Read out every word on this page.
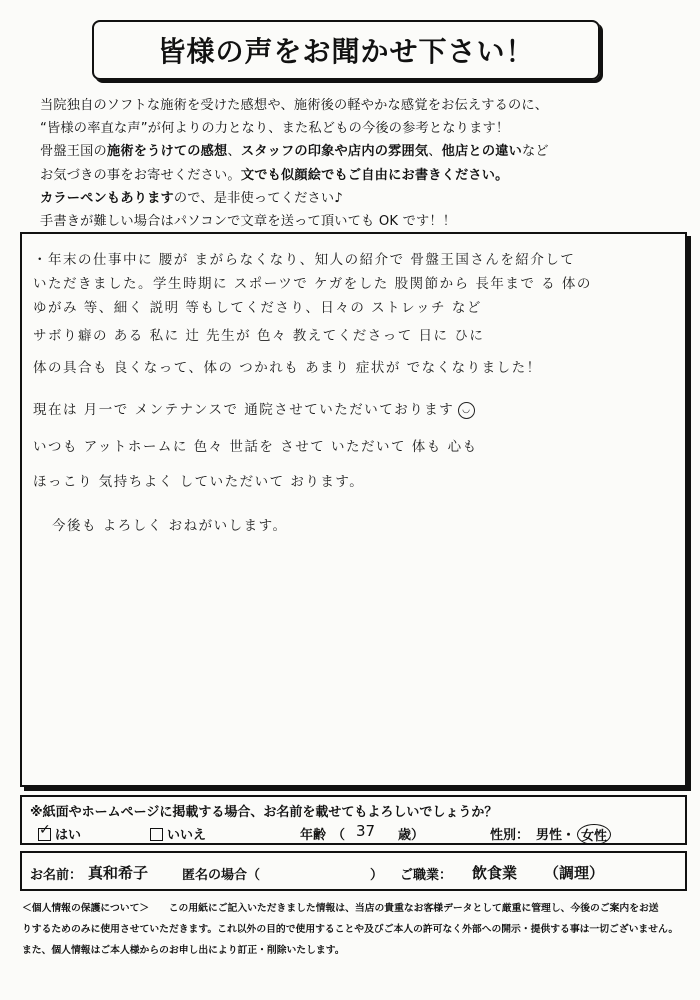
皆様の声をお聞かせ下さい！
当院独自のソフトな施術を受けた感想や、施術後の軽やかな感覚をお伝えするのに、
“皆様の率直な声”が何よりの力となり、また私どもの今後の参考となります！
骨盤王国の施術をうけての感想、スタッフの印象や店内の雰囲気、他店との違いなど
お気づきの事をお寄せください。文でも似顔絵でもご自由にお書きください。
カラーペンもありますので、是非使ってください♪
手書きが難しい場合はパソコンで文章を送って頂いても OK です！！
・年末の仕事中に 腰が まがらなくなり、知人の紹介で 骨盤王国さんを紹介して
いただきました。学生時期に スポーツで ケガをした 股関節から 長年まで る 体の
ゆがみ 等、細く 説明 等もしてくださり、日々の ストレッチ など
サボり癖の ある 私に 辻 先生が 色々 教えてくださって 日に ひに
体の具合も 良くなって、体の つかれも あまり 症状が でなくなりました！
現在は 月一で メンテナンスで 通院させていただいております ◡
いつも アットホームに 色々 世話を させて いただいて 体も 心も
ほっこり 気持ちよく していただいて おります。
今後も よろしく おねがいします。
※紙面やホームページに掲載する場合、お名前を載せてもよろしいでしょうか？
✓はい	いいえ	年齢 （ 37 歳）	性別： 男性・ 女性
お名前： 真和希子	匿名の場合（	） ご職業： 飲食業 （調理）
＜個人情報の保護について＞　　この用紙にご記入いただきました情報は、当店の貴重なお客様データとして厳重に管理し、今後のご案内をお送
りするためのみに使用させていただきます。これ以外の目的で使用することや及びご本人の許可なく外部への開示・提供する事は一切ございません。
また、個人情報はご本人様からのお申し出により訂正・削除いたします。
